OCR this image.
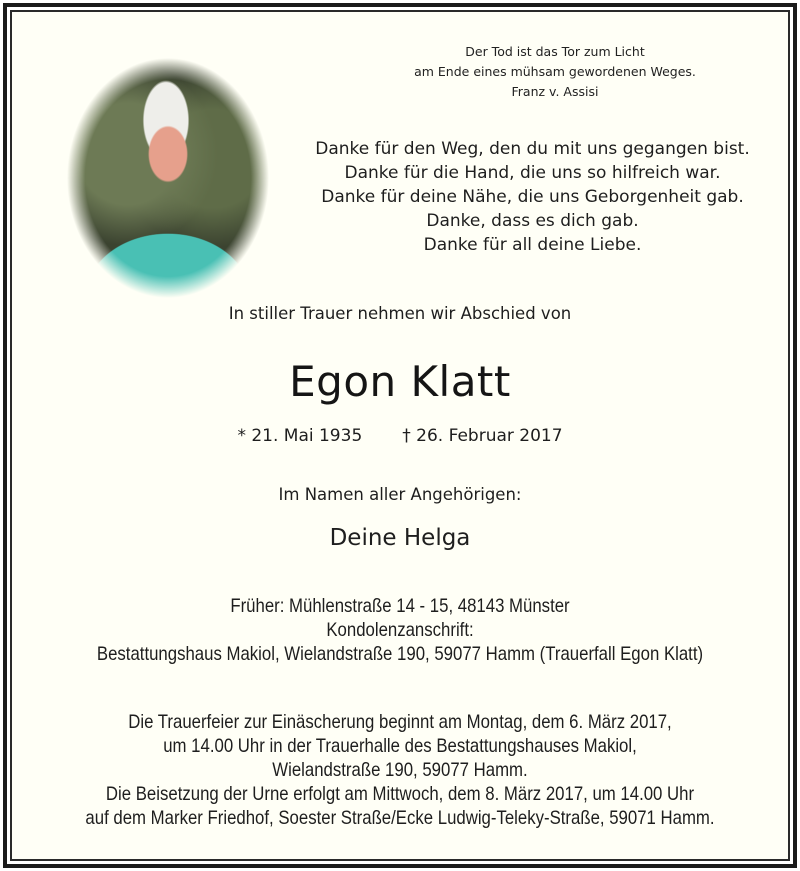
Der Tod ist das Tor zum Licht
am Ende eines mühsam gewordenen Weges.
Franz v. Assisi
Danke für den Weg, den du mit uns gegangen bist.
Danke für die Hand, die uns so hilfreich war.
Danke für deine Nähe, die uns Geborgenheit gab.
Danke, dass es dich gab.
Danke für all deine Liebe.
In stiller Trauer nehmen wir Abschied von
Egon Klatt
* 21. Mai 1935 † 26. Februar 2017
Im Namen aller Angehörigen:
Deine Helga
Früher: Mühlenstraße 14 - 15, 48143 Münster
Kondolenzanschrift:
Bestattungshaus Makiol, Wielandstraße 190, 59077 Hamm (Trauerfall Egon Klatt)
Die Trauerfeier zur Einäscherung beginnt am Montag, dem 6. März 2017,
um 14.00 Uhr in der Trauerhalle des Bestattungshauses Makiol,
Wielandstraße 190, 59077 Hamm.
Die Beisetzung der Urne erfolgt am Mittwoch, dem 8. März 2017, um 14.00 Uhr
auf dem Marker Friedhof, Soester Straße/Ecke Ludwig-Teleky-Straße, 59071 Hamm.
